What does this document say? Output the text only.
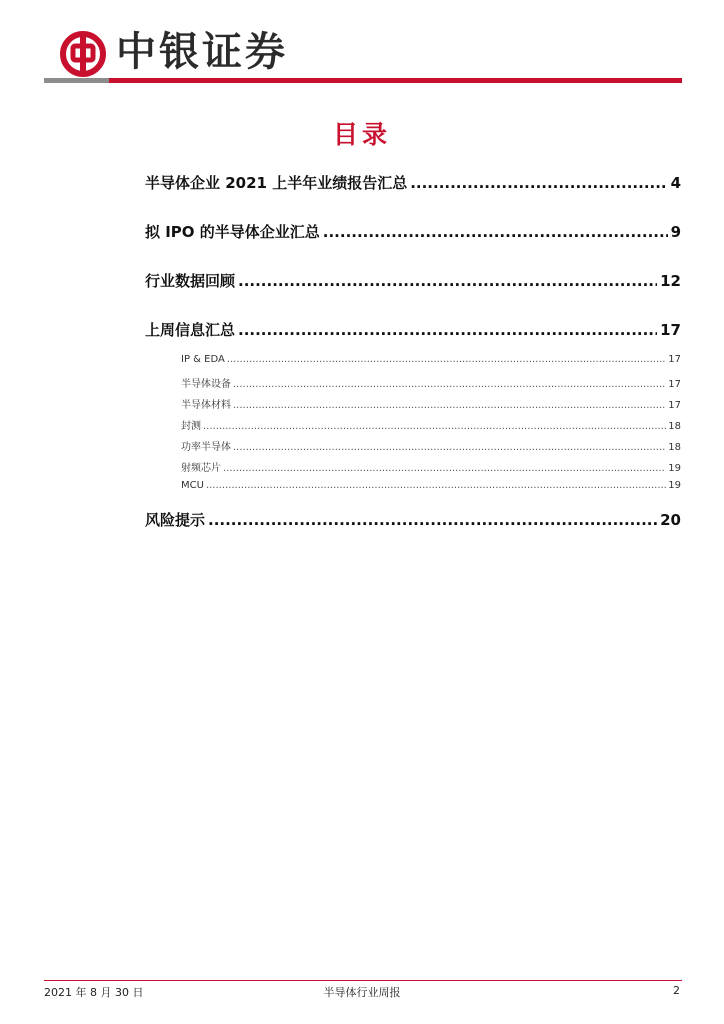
中银证券
目录
半导体企业 2021 上半年业绩报告汇总 .....	4
拟 IPO 的半导体企业汇总 .....	9
行业数据回顾 .....	12
上周信息汇总 .....	17
IP & EDA .....	17
半导体设备 .....	17
半导体材料 .....	17
封测 .....	18
功率半导体 .....	18
射频芯片 .....	19
MCU .....	19
风险提示 .....	20
2021 年 8 月 30 日	半导体行业周报	2
